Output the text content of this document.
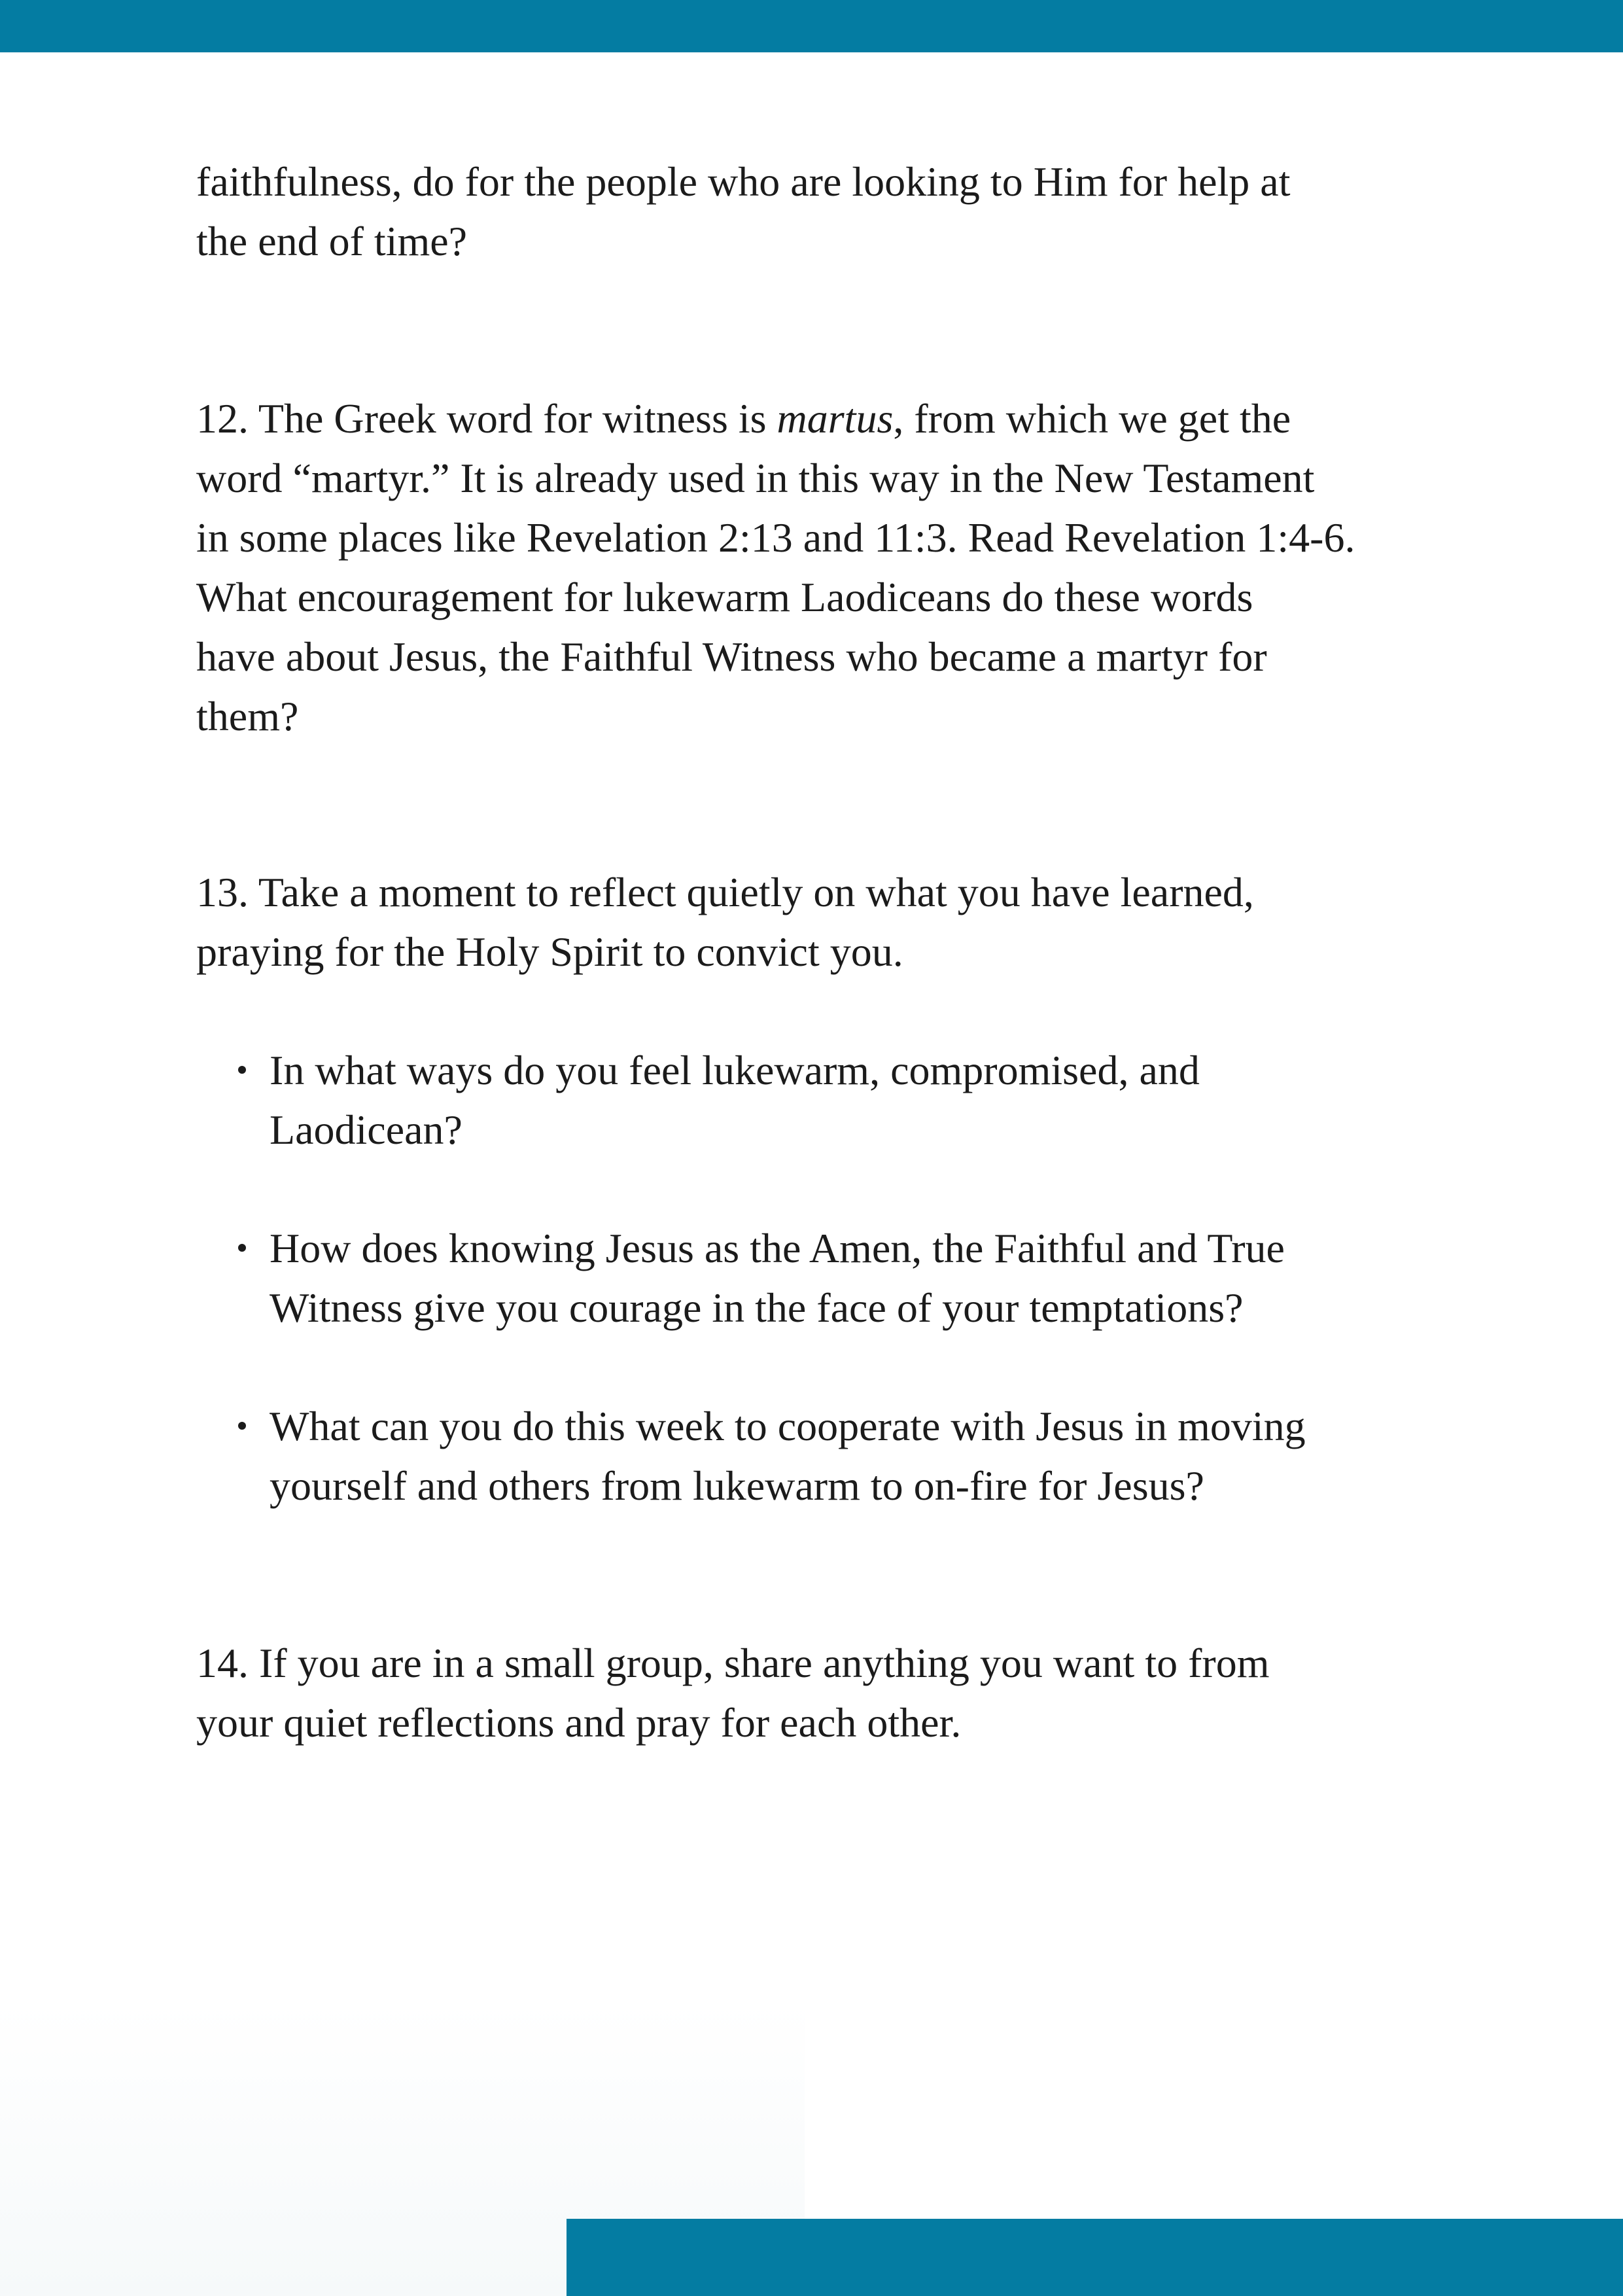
faithfulness, do for the people who are looking to Him for help at
the end of time?
12. The Greek word for witness is martus, from which we get the
word “martyr.” It is already used in this way in the New Testament
in some places like Revelation 2:13 and 11:3. Read Revelation 1:4-6.
What encouragement for lukewarm Laodiceans do these words
have about Jesus, the Faithful Witness who became a martyr for
them?
13. Take a moment to reflect quietly on what you have learned,
praying for the Holy Spirit to convict you.
In what ways do you feel lukewarm, compromised, and
Laodicean?
How does knowing Jesus as the Amen, the Faithful and True
Witness give you courage in the face of your temptations?
What can you do this week to cooperate with Jesus in moving
yourself and others from lukewarm to on-fire for Jesus?
14. If you are in a small group, share anything you want to from
your quiet reflections and pray for each other.
